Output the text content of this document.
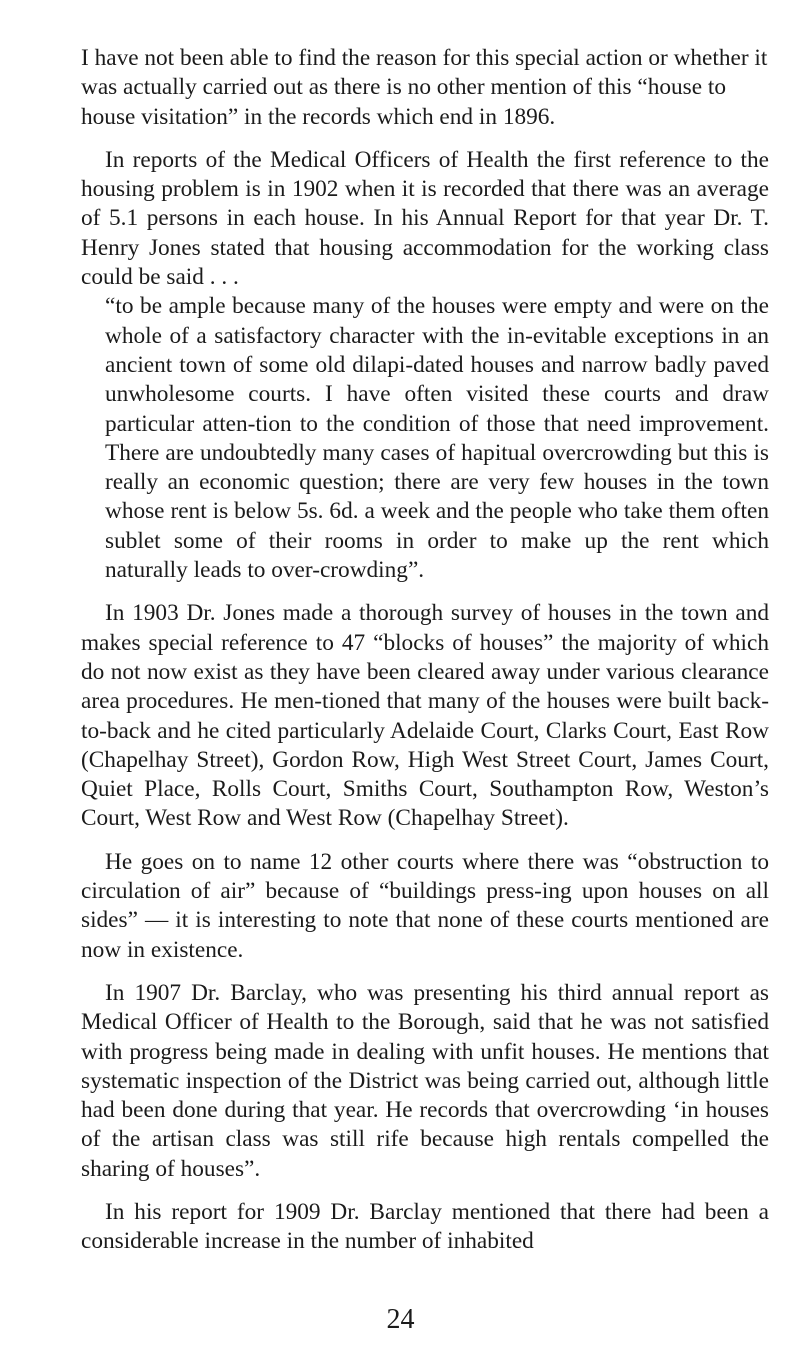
I have not been able to find the reason for this special action or whether it was actually carried out as there is no other mention of this “house to house visitation” in the records which end in 1896.

In reports of the Medical Officers of Health the first reference to the housing problem is in 1902 when it is recorded that there was an average of 5.1 persons in each house. In his Annual Report for that year Dr. T. Henry Jones stated that housing accommodation for the working class could be said . . .

“to be ample because many of the houses were empty and were on the whole of a satisfactory character with the in-evitable exceptions in an ancient town of some old dilapi-dated houses and narrow badly paved unwholesome courts. I have often visited these courts and draw particular atten-tion to the condition of those that need improvement. There are undoubtedly many cases of hapitual overcrowding but this is really an economic question; there are very few houses in the town whose rent is below 5s. 6d. a week and the people who take them often sublet some of their rooms in order to make up the rent which naturally leads to over-crowding”.

In 1903 Dr. Jones made a thorough survey of houses in the town and makes special reference to 47 “blocks of houses” the majority of which do not now exist as they have been cleared away under various clearance area procedures. He men-tioned that many of the houses were built back-to-back and he cited particularly Adelaide Court, Clarks Court, East Row (Chapelhay Street), Gordon Row, High West Street Court, James Court, Quiet Place, Rolls Court, Smiths Court, Southampton Row, Weston’s Court, West Row and West Row (Chapelhay Street).

He goes on to name 12 other courts where there was “obstruction to circulation of air” because of “buildings press-ing upon houses on all sides” — it is interesting to note that none of these courts mentioned are now in existence.

In 1907 Dr. Barclay, who was presenting his third annual report as Medical Officer of Health to the Borough, said that he was not satisfied with progress being made in dealing with unfit houses. He mentions that systematic inspection of the District was being carried out, although little had been done during that year. He records that overcrowding ‘in houses of the artisan class was still rife because high rentals compelled the sharing of houses”.

In his report for 1909 Dr. Barclay mentioned that there had been a considerable increase in the number of inhabited

24
